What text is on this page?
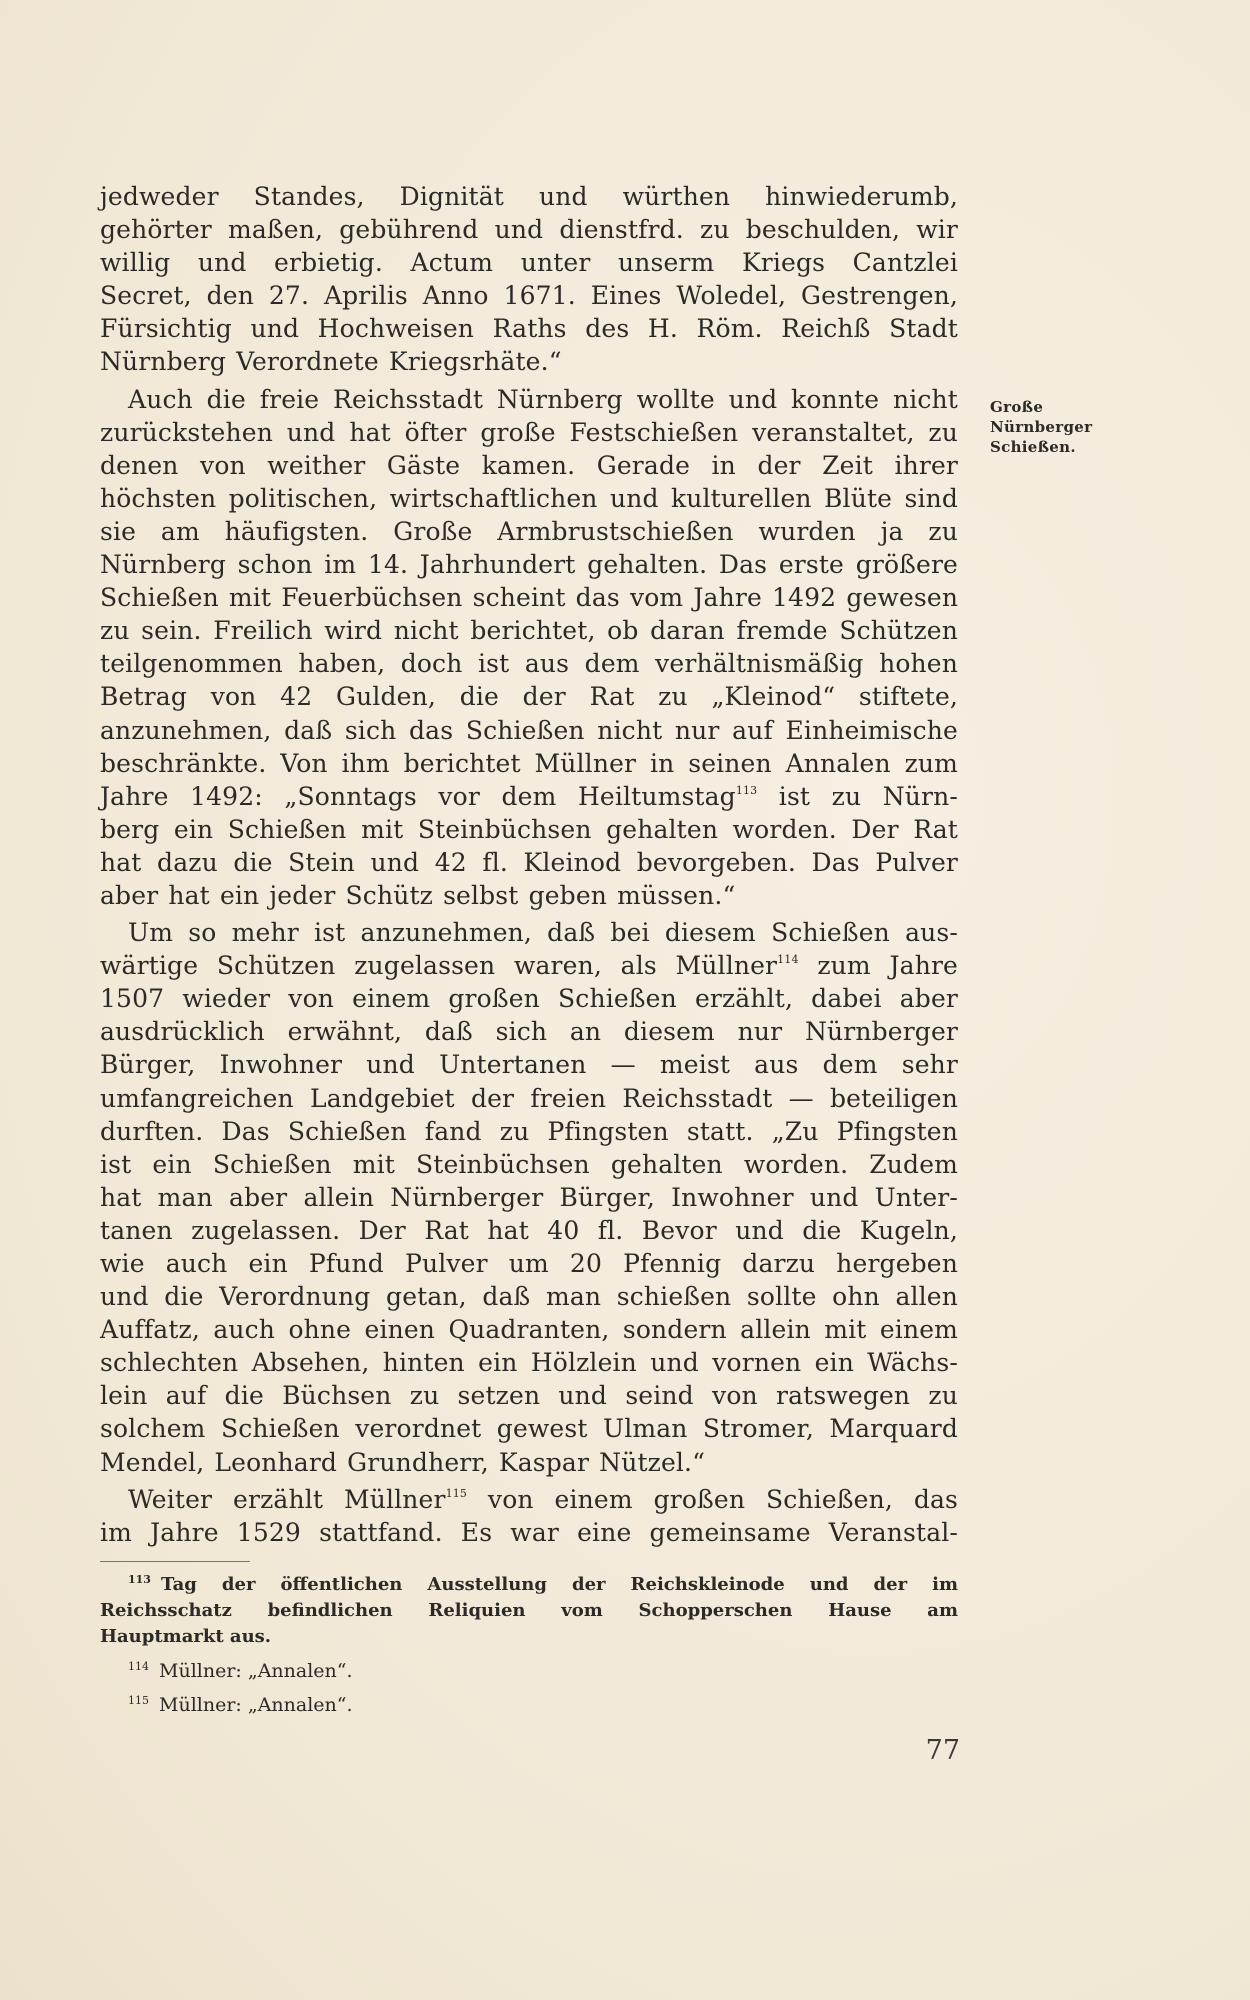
jedweder Standes, Dignität und würthen hinwiederumb,
gehörter maßen, gebührend und dienstfrd. zu beschulden, wir
willig und erbietig. Actum unter unserm Kriegs Cantzlei
Secret, den 27. Aprilis Anno 1671. Eines Woledel, Gestrengen,
Fürsichtig und Hochweisen Raths des H. Röm. Reichß Stadt
Nürnberg Verordnete Kriegsrhäte.“
Auch die freie Reichsstadt Nürnberg wollte und konnte nicht
zurückstehen und hat öfter große Festschießen veranstaltet, zu
denen von weither Gäste kamen. Gerade in der Zeit ihrer
höchsten politischen, wirtschaftlichen und kulturellen Blüte sind
sie am häufigsten. Große Armbrustschießen wurden ja zu
Nürnberg schon im 14. Jahrhundert gehalten. Das erste größere
Schießen mit Feuerbüchsen scheint das vom Jahre 1492 gewesen
zu sein. Freilich wird nicht berichtet, ob daran fremde Schützen
teilgenommen haben, doch ist aus dem verhältnismäßig hohen
Betrag von 42 Gulden, die der Rat zu „Kleinod“ stiftete,
anzunehmen, daß sich das Schießen nicht nur auf Einheimische
beschränkte. Von ihm berichtet Müllner in seinen Annalen zum
Jahre 1492: „Sonntags vor dem Heiltumstag$^{113}$ ist zu Nürn-
berg ein Schießen mit Steinbüchsen gehalten worden. Der Rat
hat dazu die Stein und 42 fl. Kleinod bevorgeben. Das Pulver
aber hat ein jeder Schütz selbst geben müssen.“
Um so mehr ist anzunehmen, daß bei diesem Schießen aus-
wärtige Schützen zugelassen waren, als Müllner$^{114}$ zum Jahre
1507 wieder von einem großen Schießen erzählt, dabei aber
ausdrücklich erwähnt, daß sich an diesem nur Nürnberger
Bürger, Inwohner und Untertanen — meist aus dem sehr
umfangreichen Landgebiet der freien Reichsstadt — beteiligen
durften. Das Schießen fand zu Pfingsten statt. „Zu Pfingsten
ist ein Schießen mit Steinbüchsen gehalten worden. Zudem
hat man aber allein Nürnberger Bürger, Inwohner und Unter-
tanen zugelassen. Der Rat hat 40 fl. Bevor und die Kugeln,
wie auch ein Pfund Pulver um 20 Pfennig darzu hergeben
und die Verordnung getan, daß man schießen sollte ohn allen
Auffatz, auch ohne einen Quadranten, sondern allein mit einem
schlechten Absehen, hinten ein Hölzlein und vornen ein Wächs-
lein auf die Büchsen zu setzen und seind von ratswegen zu
solchem Schießen verordnet gewest Ulman Stromer, Marquard
Mendel, Leonhard Grundherr, Kaspar Nützel.“
Weiter erzählt Müllner$^{115}$ von einem großen Schießen, das
im Jahre 1529 stattfand. Es war eine gemeinsame Veranstal-
Große
Nürnberger
Schießen.
$^{113}$ Tag der öffentlichen Ausstellung der Reichskleinode und der im
Reichsschatz befindlichen Reliquien vom Schopperschen Hause am
Hauptmarkt aus.
$^{114}$ Müllner: „Annalen“.
$^{115}$ Müllner: „Annalen“.
77
